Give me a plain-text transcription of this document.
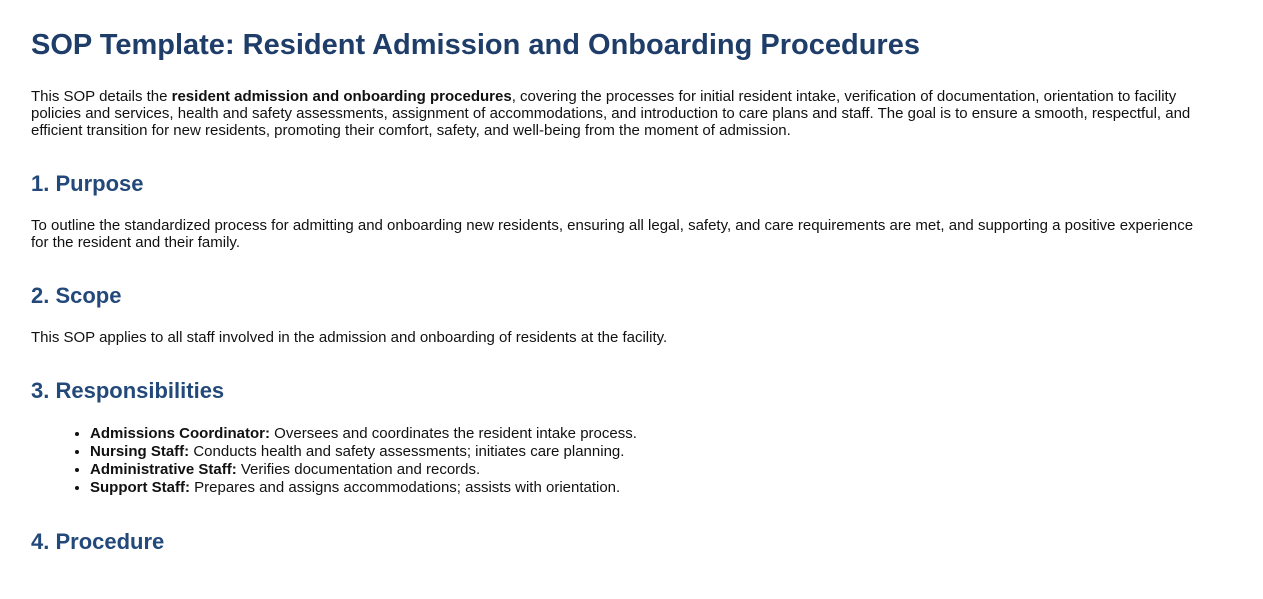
SOP Template: Resident Admission and Onboarding Procedures

This SOP details the resident admission and onboarding procedures, covering the processes for initial resident intake, verification of documentation, orientation to facility policies and services, health and safety assessments, assignment of accommodations, and introduction to care plans and staff. The goal is to ensure a smooth, respectful, and efficient transition for new residents, promoting their comfort, safety, and well-being from the moment of admission.

1. Purpose

To outline the standardized process for admitting and onboarding new residents, ensuring all legal, safety, and care requirements are met, and supporting a positive experience for the resident and their family.

2. Scope

This SOP applies to all staff involved in the admission and onboarding of residents at the facility.

3. Responsibilities
• Admissions Coordinator: Oversees and coordinates the resident intake process.
• Nursing Staff: Conducts health and safety assessments; initiates care planning.
• Administrative Staff: Verifies documentation and records.
• Support Staff: Prepares and assigns accommodations; assists with orientation.
4. Procedure
